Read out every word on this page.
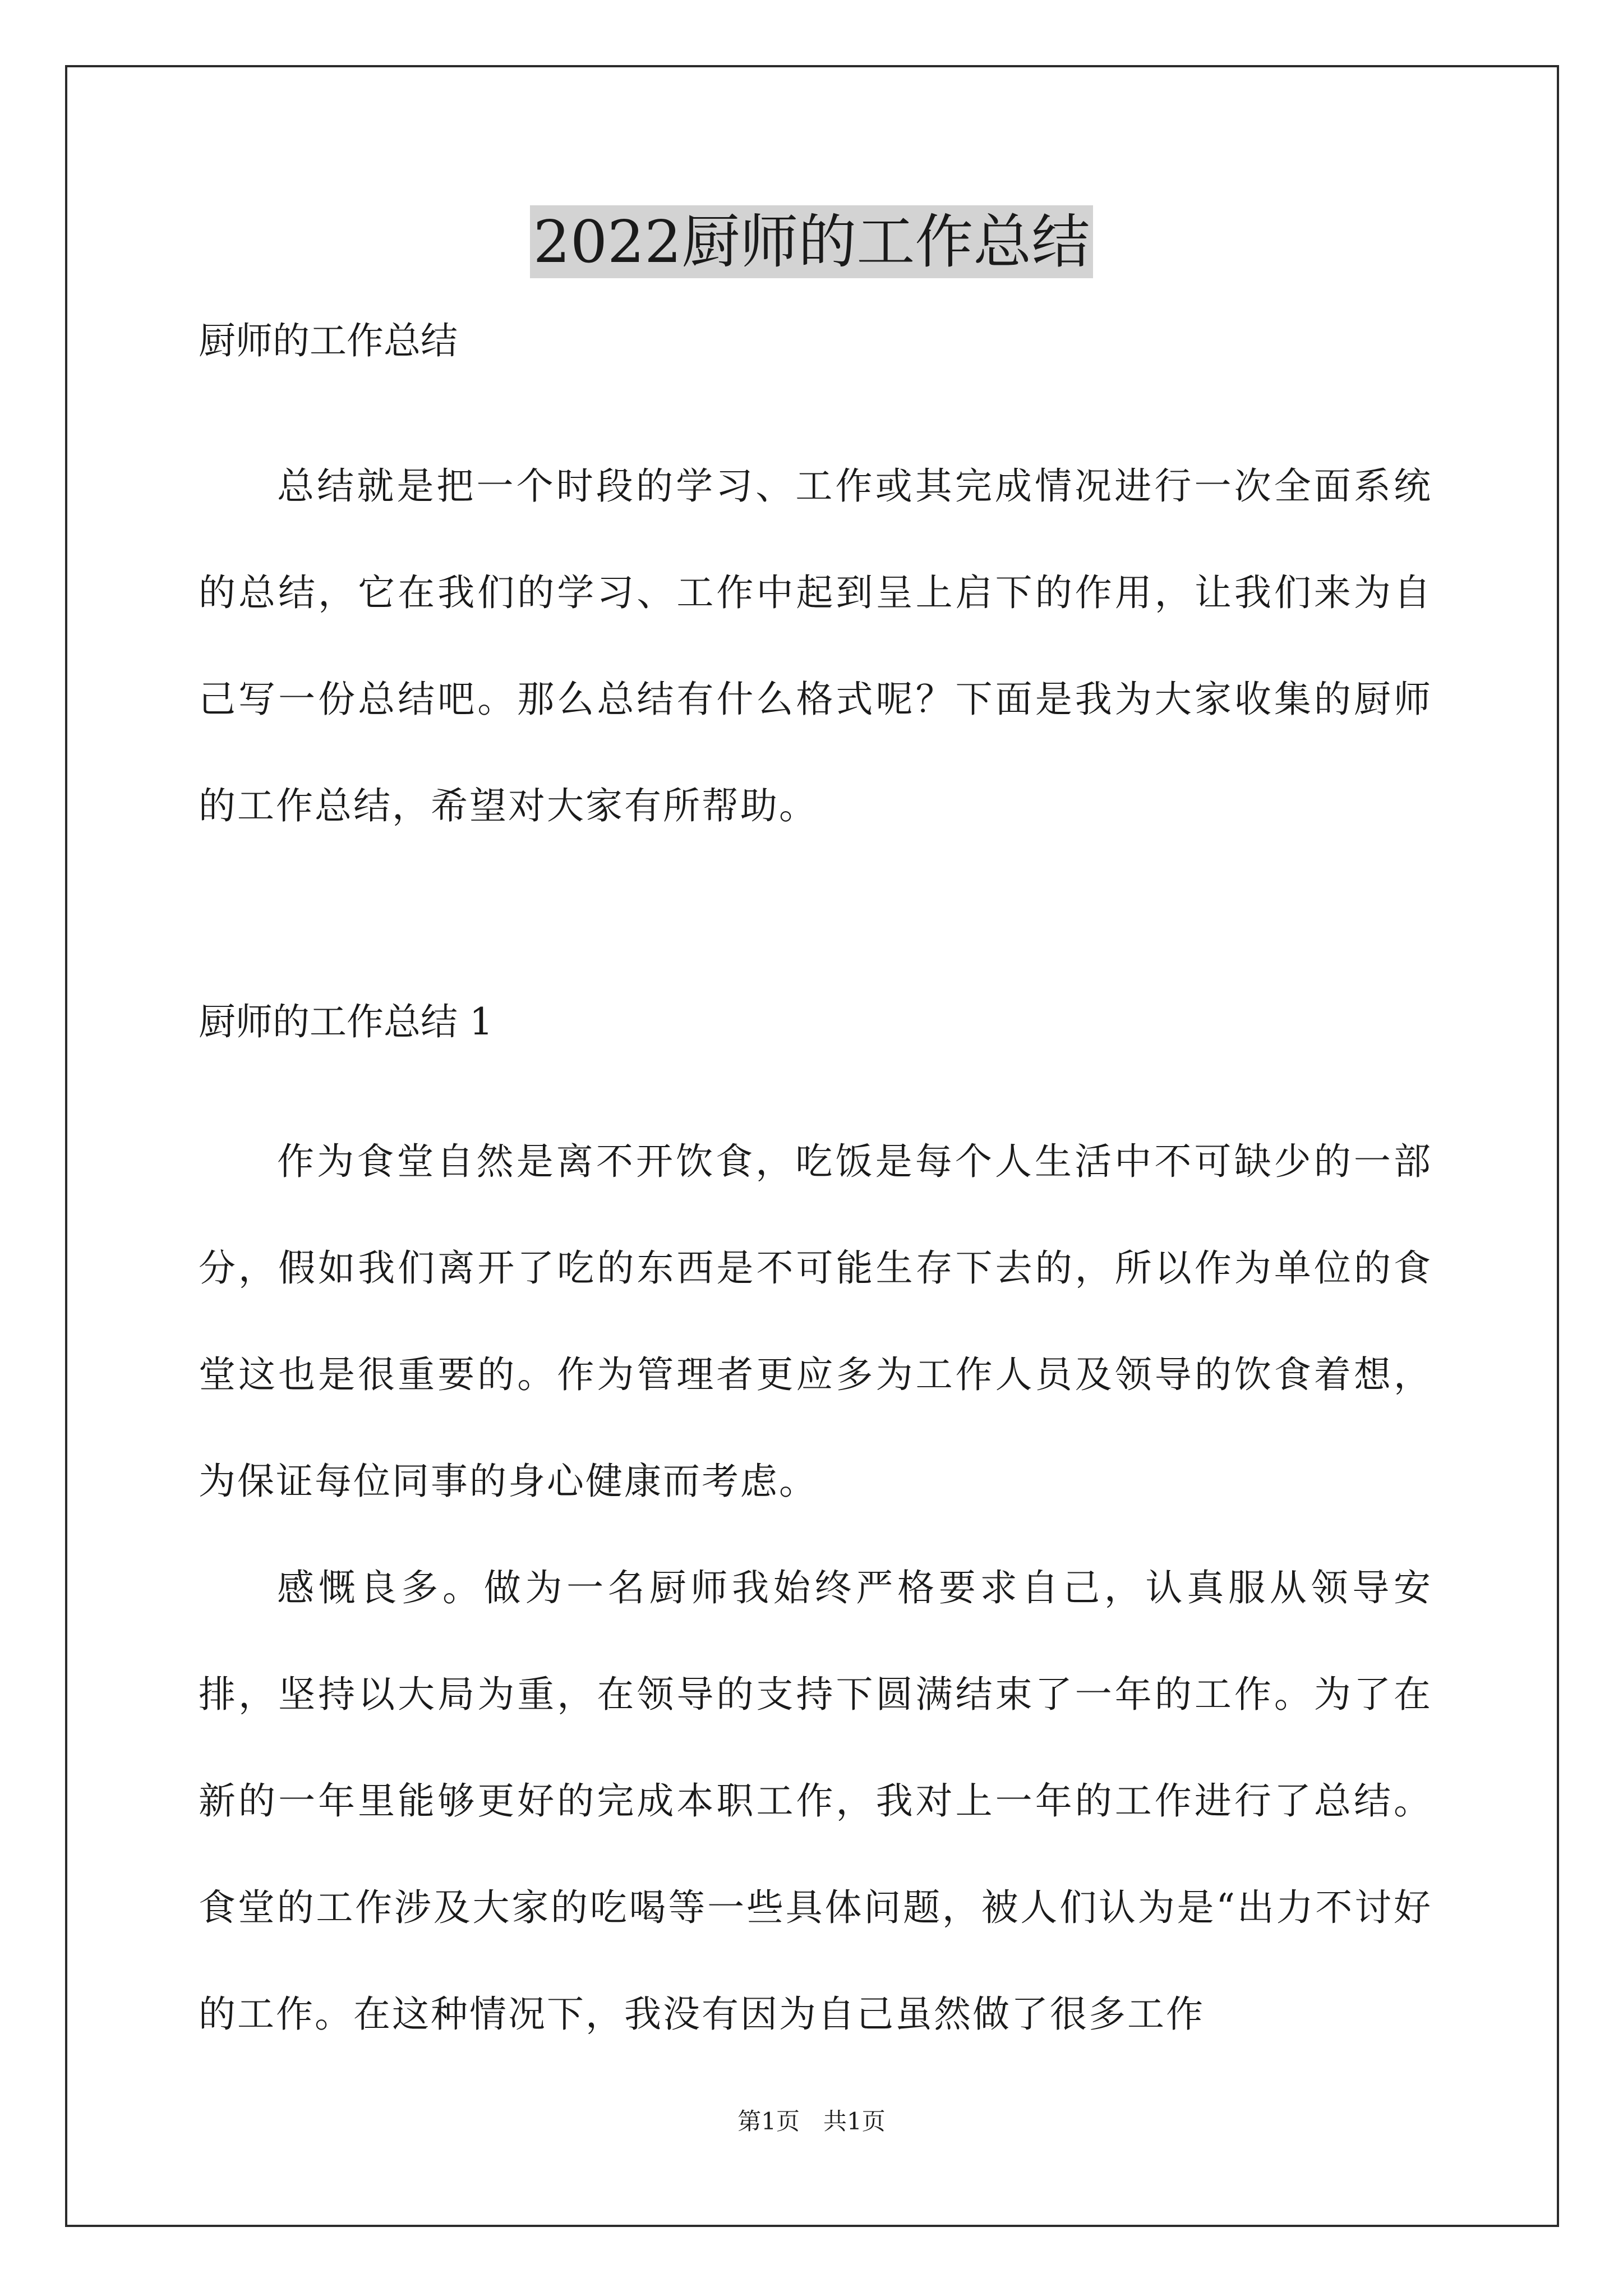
2022厨师的工作总结
厨师的工作总结
总结就是把一个时段的学习、工作或其完成情况进行一次全面系统的总结，它在我们的学习、工作中起到呈上启下的作用，让我们来为自己写一份总结吧。那么总结有什么格式呢？下面是我为大家收集的厨师的工作总结，希望对大家有所帮助。
厨师的工作总结 1
作为食堂自然是离不开饮食，吃饭是每个人生活中不可缺少的一部分，假如我们离开了吃的东西是不可能生存下去的，所以作为单位的食堂这也是很重要的。作为管理者更应多为工作人员及领导的饮食着想，为保证每位同事的身心健康而考虑。
感慨良多。做为一名厨师我始终严格要求自己，认真服从领导安排，坚持以大局为重，在领导的支持下圆满结束了一年的工作。为了在新的一年里能够更好的完成本职工作，我对上一年的工作进行了总结。食堂的工作涉及大家的吃喝等一些具体问题，被人们认为是“出力不讨好的工作。在这种情况下，我没有因为自己虽然做了很多工作
第1页　共1页
